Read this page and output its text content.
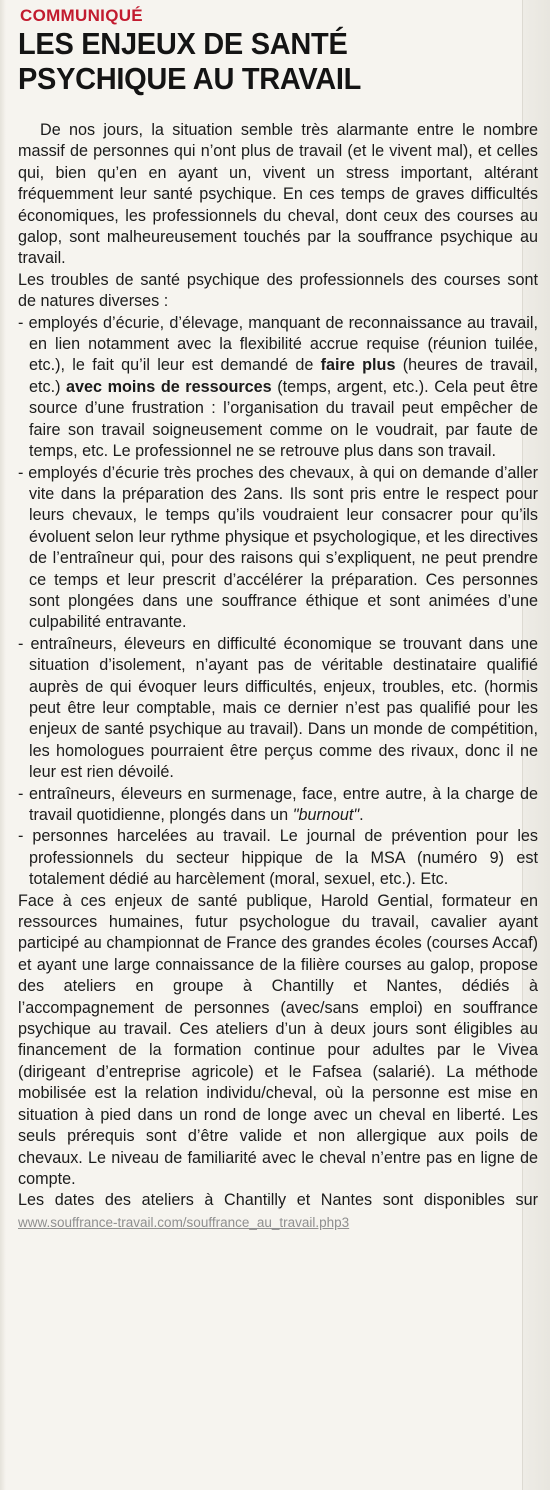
COMMUNIQUÉ
LES ENJEUX DE SANTÉ PSYCHIQUE AU TRAVAIL

De nos jours, la situation semble très alarmante entre le nombre massif de personnes qui n’ont plus de travail (et le vivent mal), et celles qui, bien qu’en en ayant un, vivent un stress important, altérant fréquemment leur santé psychique. En ces temps de graves difficultés économiques, les professionnels du cheval, dont ceux des courses au galop, sont malheureusement touchés par la souffrance psychique au travail.

Les troubles de santé psychique des professionnels des courses sont de natures diverses :

- employés d’écurie, d’élevage, manquant de reconnaissance au travail, en lien notamment avec la flexibilité accrue requise (réunion tuilée, etc.), le fait qu’il leur est demandé de faire plus (heures de travail, etc.) avec moins de ressources (temps, argent, etc.). Cela peut être source d’une frustration : l’organisation du travail peut empêcher de faire son travail soigneusement comme on le voudrait, par faute de temps, etc. Le professionnel ne se retrouve plus dans son travail.
- employés d’écurie très proches des chevaux, à qui on demande d’aller vite dans la préparation des 2ans. Ils sont pris entre le respect pour leurs chevaux, le temps qu’ils voudraient leur consacrer pour qu’ils évoluent selon leur rythme physique et psychologique, et les directives de l’entraîneur qui, pour des raisons qui s’expliquent, ne peut prendre ce temps et leur prescrit d’accélérer la préparation. Ces personnes sont plongées dans une souffrance éthique et sont animées d’une culpabilité entravante.
- entraîneurs, éleveurs en difficulté économique se trouvant dans une situation d’isolement, n’ayant pas de véritable destinataire qualifié auprès de qui évoquer leurs difficultés, enjeux, troubles, etc. (hormis peut être leur comptable, mais ce dernier n’est pas qualifié pour les enjeux de santé psychique au travail). Dans un monde de compétition, les homologues pourraient être perçus comme des rivaux, donc il ne leur est rien dévoilé.
- entraîneurs, éleveurs en surmenage, face, entre autre, à la charge de travail quotidienne, plongés dans un "burnout".
- personnes harcelées au travail. Le journal de prévention pour les professionnels du secteur hippique de la MSA (numéro 9) est totalement dédié au harcèlement (moral, sexuel, etc.). Etc.

Face à ces enjeux de santé publique, Harold Gential, formateur en ressources humaines, futur psychologue du travail, cavalier ayant participé au championnat de France des grandes écoles (courses Accaf) et ayant une large connaissance de la filière courses au galop, propose des ateliers en groupe à Chantilly et Nantes, dédiés à l’accompagnement de personnes (avec/sans emploi) en souffrance psychique au travail. Ces ateliers d’un à deux jours sont éligibles au financement de la formation continue pour adultes par le Vivea (dirigeant d’entreprise agricole) et le Fafsea (salarié). La méthode mobilisée est la relation individu/cheval, où la personne est mise en situation à pied dans un rond de longe avec un cheval en liberté. Les seuls prérequis sont d’être valide et non allergique aux poils de chevaux. Le niveau de familiarité avec le cheval n’entre pas en ligne de compte.

Les dates des ateliers à Chantilly et Nantes sont disponibles sur www.souffrance-travail.com/souffrance_au_travail.php3
